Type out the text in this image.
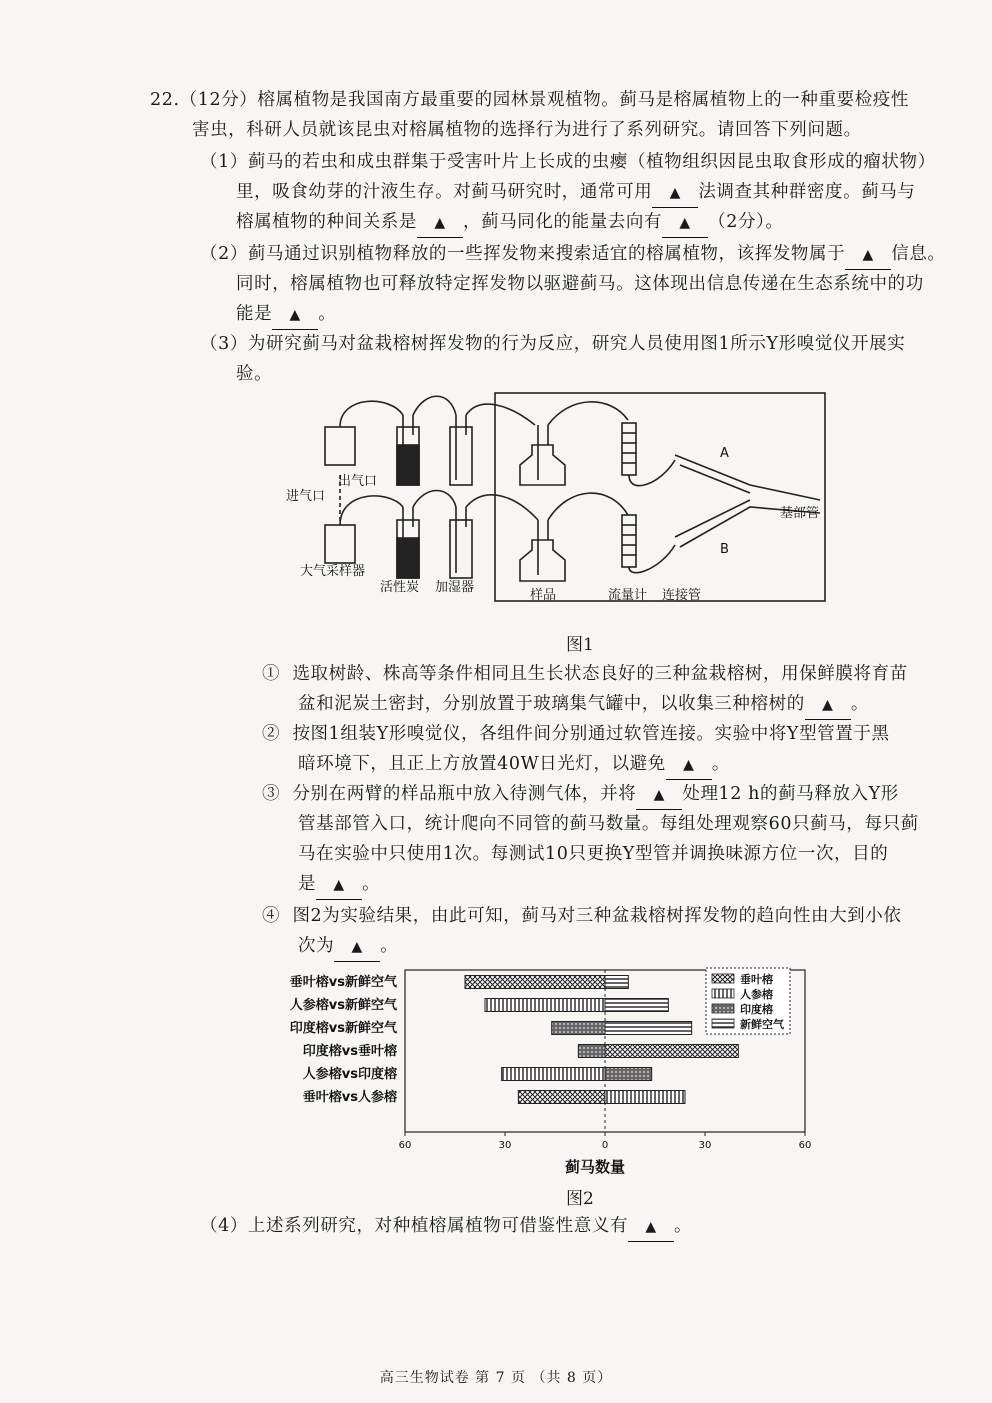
22.（12分）榕属植物是我国南方最重要的园林景观植物。蓟马是榕属植物上的一种重要检疫性
害虫，科研人员就该昆虫对榕属植物的选择行为进行了系列研究。请回答下列问题。
（1）蓟马的若虫和成虫群集于受害叶片上长成的虫瘿（植物组织因昆虫取食形成的瘤状物）
里，吸食幼芽的汁液生存。对蓟马研究时，通常可用 ▲ 法调查其种群密度。蓟马与
榕属植物的种间关系是 ▲ ，蓟马同化的能量去向有 ▲ （2分）。
（2）蓟马通过识别植物释放的一些挥发物来搜索适宜的榕属植物，该挥发物属于 ▲ 信息。
同时，榕属植物也可释放特定挥发物以驱避蓟马。这体现出信息传递在生态系统中的功
能是 ▲ 。
（3）为研究蓟马对盆栽榕树挥发物的行为反应，研究人员使用图1所示Y形嗅觉仪开展实
验。
出气口
进气口
大气采样器
活性炭 加湿器
样品	流量计 连接管
基部管
A
B
图1
① 选取树龄、株高等条件相同且生长状态良好的三种盆栽榕树，用保鲜膜将育苗
盆和泥炭土密封，分别放置于玻璃集气罐中，以收集三种榕树的 ▲ 。
② 按图1组装Y形嗅觉仪，各组件间分别通过软管连接。实验中将Y型管置于黑
暗环境下，且正上方放置40W日光灯，以避免 ▲ 。
③ 分别在两臂的样品瓶中放入待测气体，并将 ▲ 处理12 h的蓟马释放入Y形
管基部管入口，统计爬向不同管的蓟马数量。每组处理观察60只蓟马，每只蓟
马在实验中只使用1次。每测试10只更换Y型管并调换味源方位一次，目的
是 ▲ 。
④ 图2为实验结果，由此可知，蓟马对三种盆栽榕树挥发物的趋向性由大到小依
次为 ▲ 。
60	30	0	30	60
蓟马数量
垂叶榕vs新鲜空气
人参榕vs新鲜空气
印度榕vs新鲜空气
印度榕vs垂叶榕
人参榕vs印度榕
垂叶榕vs人参榕
垂叶榕
人参榕
印度榕
新鲜空气
图2
（4）上述系列研究，对种植榕属植物可借鉴性意义有 ▲ 。
高三生物试卷 第 7 页 （共 8 页）
